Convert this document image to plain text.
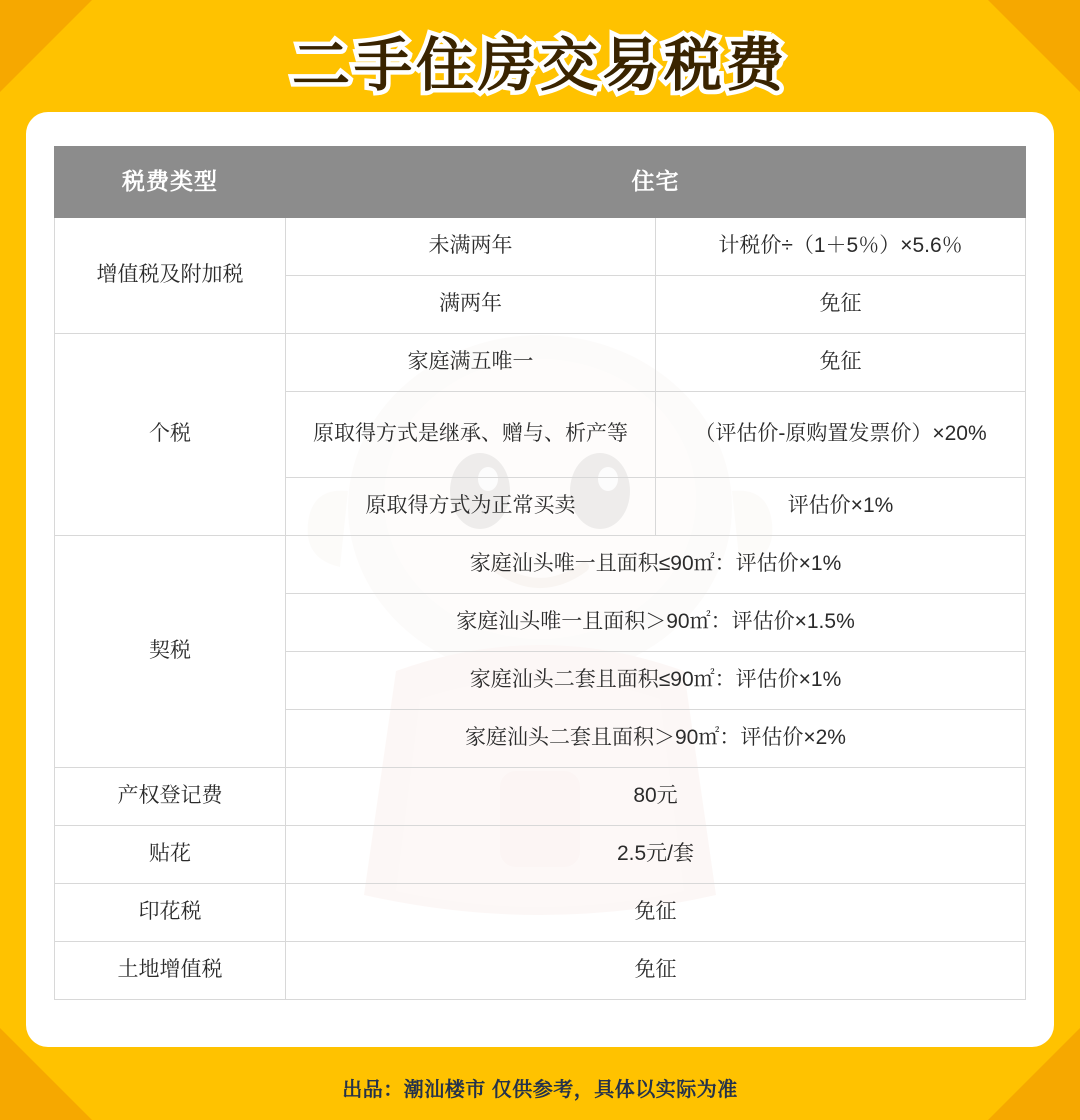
二手住房交易税费
税费类型	住宅	
增值税及附加税	未满两年	计税价÷（1＋5％）×5.6％
	满两年	免征
个税	家庭满五唯一	免征
	原取得方式是继承、赠与、析产等	（评估价-原购置发票价）×20%
	原取得方式为正常买卖	评估价×1%
契税	家庭汕头唯一且面积≤90㎡：评估价×1%	
	家庭汕头唯一且面积＞90㎡：评估价×1.5%	
	家庭汕头二套且面积≤90㎡：评估价×1%	
	家庭汕头二套且面积＞90㎡：评估价×2%	
产权登记费	80元	
贴花	2.5元/套	
印花税	免征	
土地增值税	免征	
出品：潮汕楼市 仅供参考，具体以实际为准
